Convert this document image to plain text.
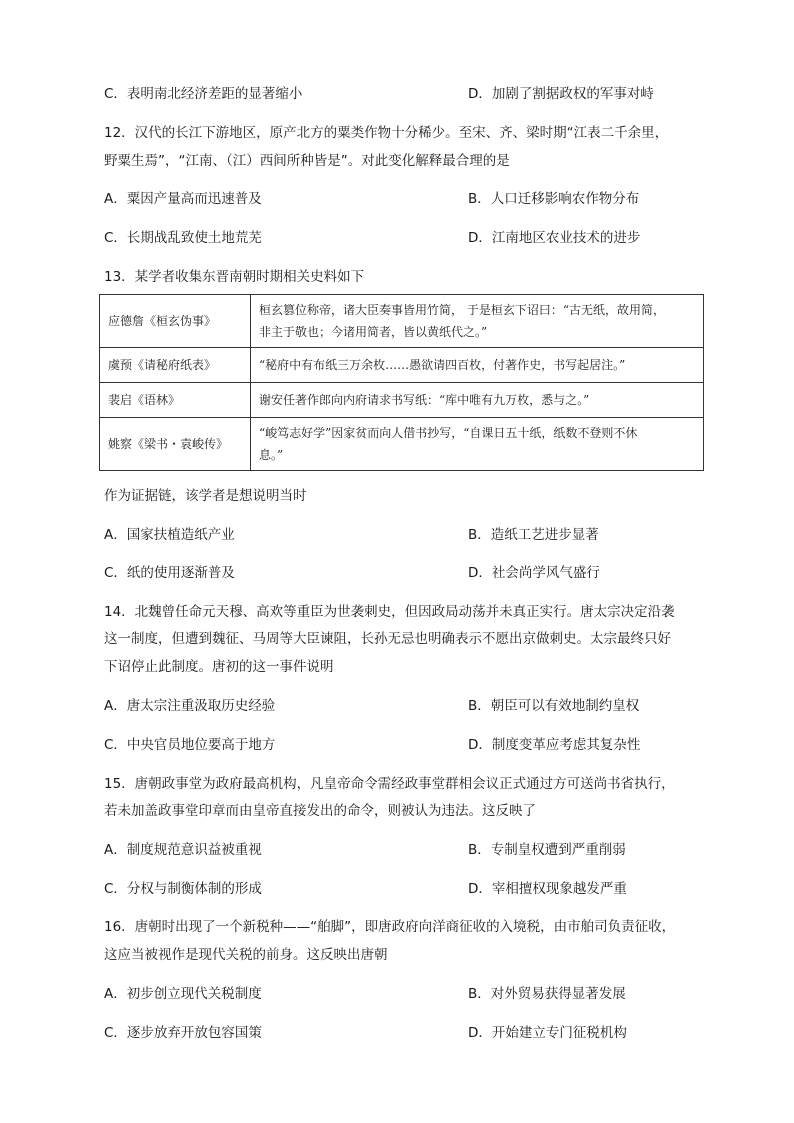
C．表明南北经济差距的显著缩小	D．加剧了割据政权的军事对峙
12．汉代的长江下游地区，原产北方的粟类作物十分稀少。至宋、齐、梁时期“江表二千余里，
野粟生焉”，“江南、（江）西间所种皆是”。对此变化解释最合理的是
A．粟因产量高而迅速普及	B．人口迁移影响农作物分布
C．长期战乱致使土地荒芜	D．江南地区农业技术的进步
13．某学者收集东晋南朝时期相关史料如下
应德詹《桓玄伪事》	桓玄篡位称帝，诸大臣奏事皆用竹简， 于是桓玄下诏曰：“古无纸，故用简，
非主于敬也；今诸用简者，皆以黄纸代之。”

虞预《请秘府纸表》	“秘府中有布纸三万余枚……愚欲请四百枚，付著作史，书写起居注。”

裴启《语林》	谢安任著作郎向内府请求书写纸：“库中唯有九万枚，悉与之。”

姚察《梁书・袁峻传》	“峻笃志好学”因家贫而向人借书抄写，“自课日五十纸，纸数不登则不休
息。”
作为证据链，该学者是想说明当时
A．国家扶植造纸产业	B．造纸工艺进步显著
C．纸的使用逐渐普及	D．社会尚学风气盛行
14．北魏曾任命元天穆、高欢等重臣为世袭刺史，但因政局动荡并未真正实行。唐太宗决定沿袭
这一制度，但遭到魏征、马周等大臣谏阻，长孙无忌也明确表示不愿出京做刺史。太宗最终只好
下诏停止此制度。唐初的这一事件说明
A．唐太宗注重汲取历史经验	B．朝臣可以有效地制约皇权
C．中央官员地位要高于地方	D．制度变革应考虑其复杂性
15．唐朝政事堂为政府最高机构，凡皇帝命令需经政事堂群相会议正式通过方可送尚书省执行，
若未加盖政事堂印章而由皇帝直接发出的命令，则被认为违法。这反映了
A．制度规范意识益被重视	B．专制皇权遭到严重削弱
C．分权与制衡体制的形成	D．宰相擅权现象越发严重
16．唐朝时出现了一个新税种——“舶脚”，即唐政府向洋商征收的入境税，由市舶司负责征收，
这应当被视作是现代关税的前身。这反映出唐朝
A．初步创立现代关税制度	B．对外贸易获得显著发展
C．逐步放弃开放包容国策	D．开始建立专门征税机构
